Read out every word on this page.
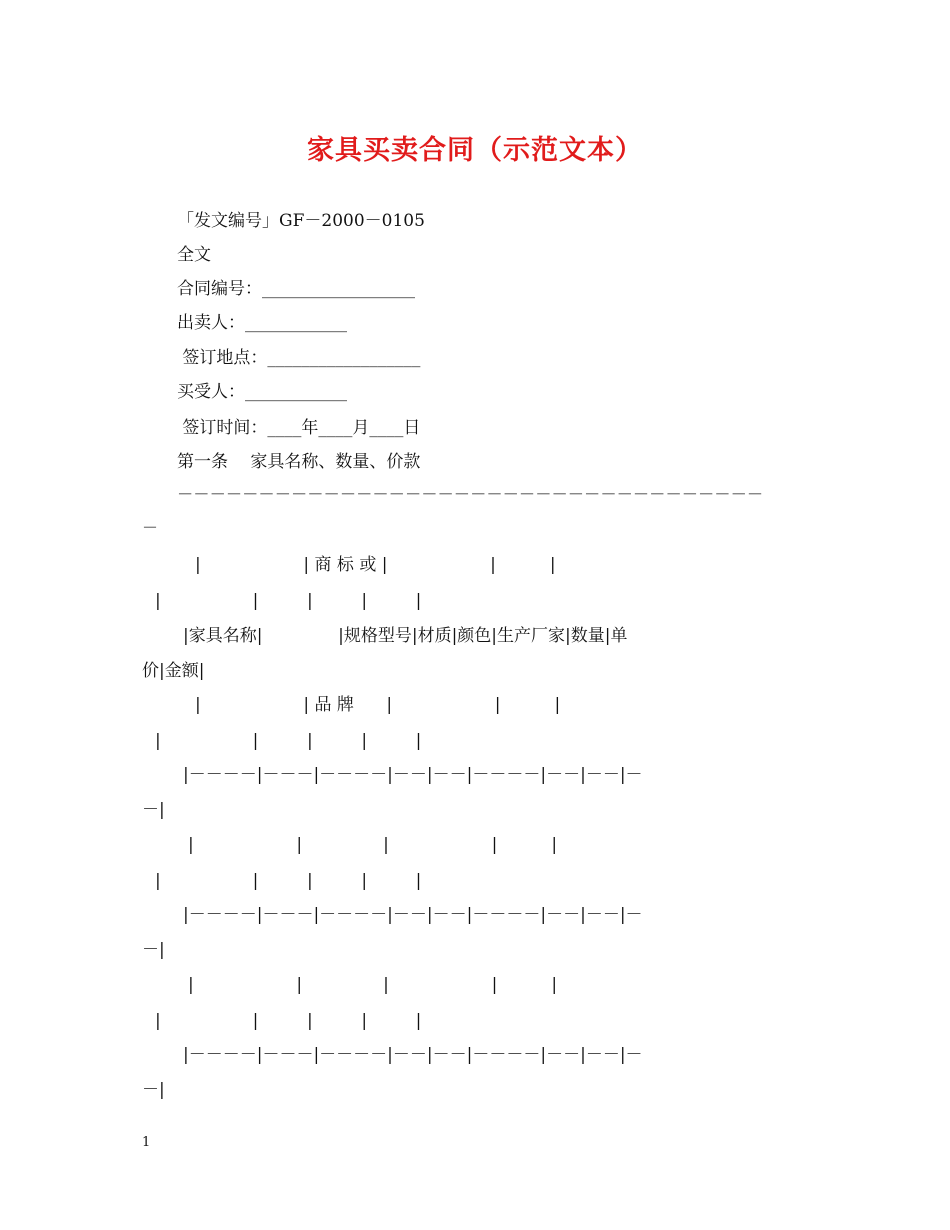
家具买卖合同（示范文本）
「发文编号」GF－2000－0105
全文
合同编号：__________________
出卖人：____________
签订地点：__________________
买受人：____________
签订时间：____年____月____日
第一条　 家具名称、数量、价款
－－－－－－－－－－－－－－－－－－－－－－－－－－－－－－－－－－－－
－
|                   | 商 标 或 |                   |          |
|                 |         |         |         |
|家具名称|              |规格型号|材质|颜色|生产厂家|数量|单
价|金额|
|                   | 品 牌      |                   |          |
|                 |         |         |         |
|－－－－|－－－|－－－－|－－|－－|－－－－|－－|－－|－
－|
|                   |               |                   |          |
|                 |         |         |         |
|－－－－|－－－|－－－－|－－|－－|－－－－|－－|－－|－
－|
|                   |               |                   |          |
|                 |         |         |         |
|－－－－|－－－|－－－－|－－|－－|－－－－|－－|－－|－
－|
1
